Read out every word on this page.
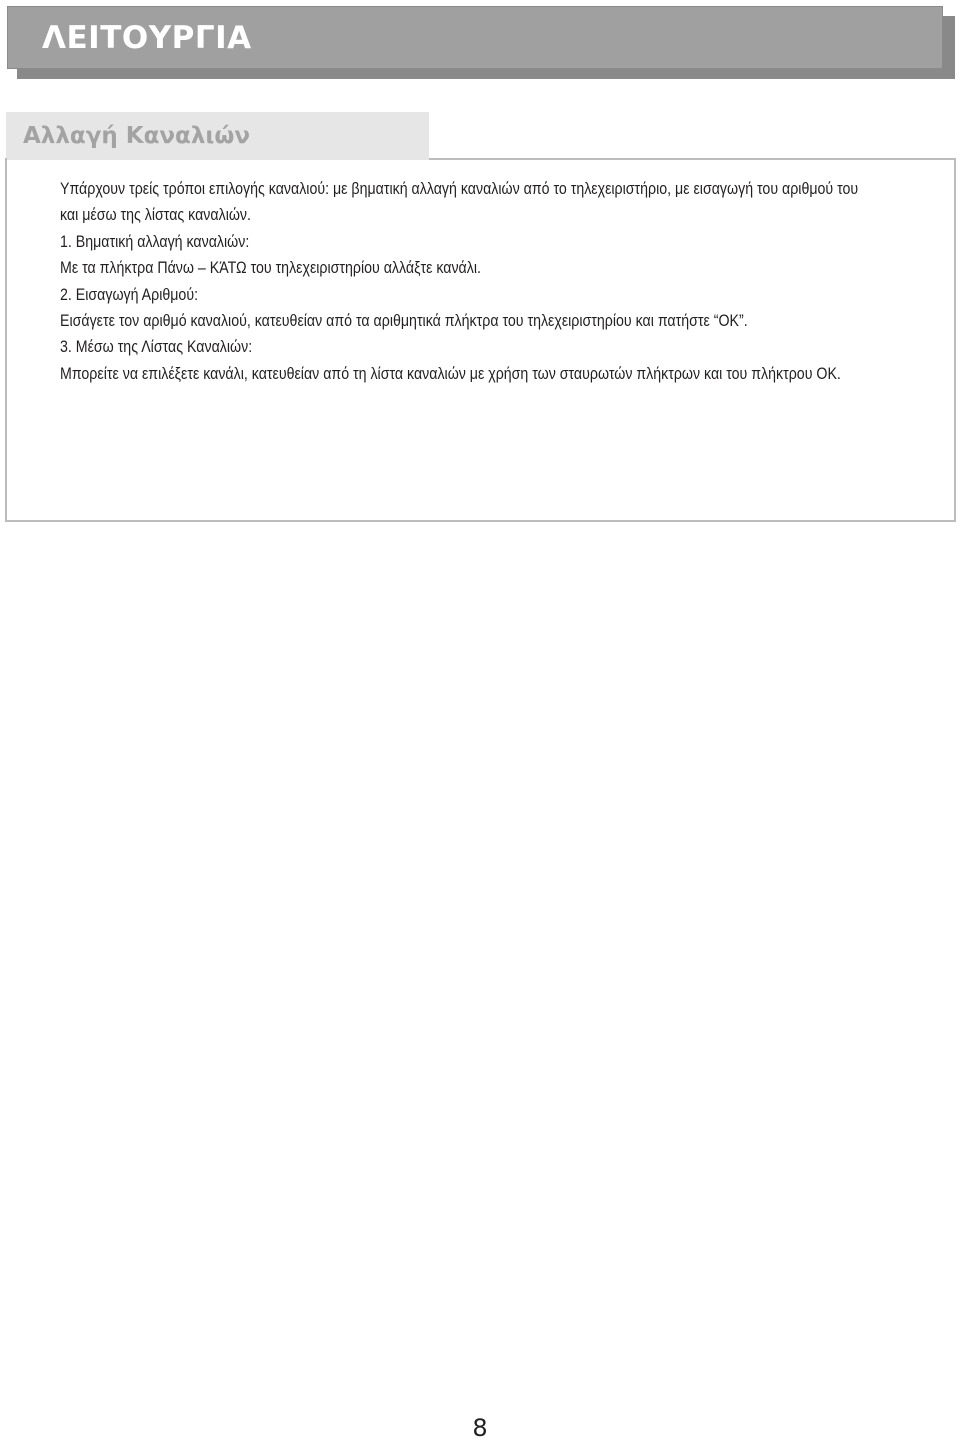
ΛΕΙΤΟΥΡΓΙΑ
Αλλαγή Καναλιών

Υπάρχουν τρείς τρόποι επιλογής καναλιού: με βηματική αλλαγή καναλιών από το τηλεχειριστήριο, με εισαγωγή του αριθμού του

και μέσω της λίστας καναλιών.

1. Βηματική αλλαγή καναλιών:

Με τα πλήκτρα Πάνω – ΚΆΤΩ του τηλεχειριστηρίου αλλάξτε κανάλι.

2. Εισαγωγή Αριθμού:

Εισάγετε τον αριθμό καναλιού, κατευθείαν από τα αριθμητικά πλήκτρα του τηλεχειριστηρίου και πατήστε “ΟΚ”.

3. Μέσω της Λίστας Καναλιών:

Μπορείτε να επιλέξετε κανάλι, κατευθείαν από τη λίστα καναλιών με χρήση των σταυρωτών πλήκτρων και του πλήκτρου ΟΚ.

8
